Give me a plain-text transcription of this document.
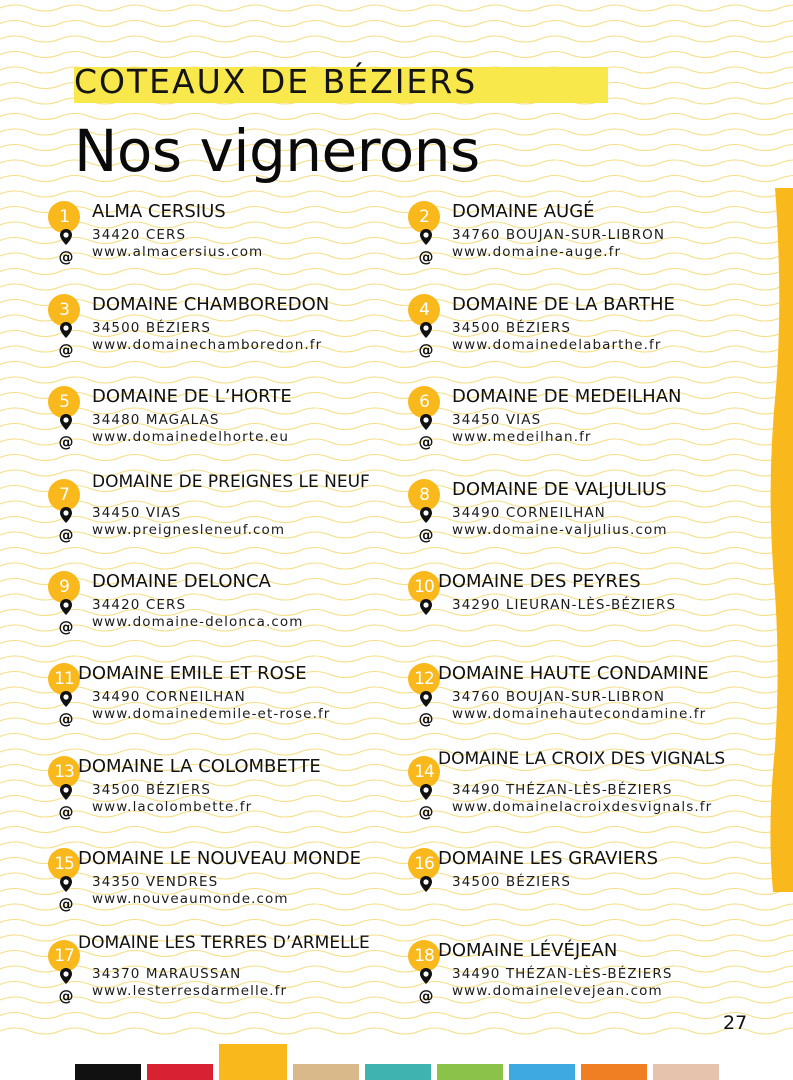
COTEAUX DE BÉZIERS
Nos vignerons
1	ALMA CERSIUS
34420 CERS
@ www.almacersius.com
2	DOMAINE AUGÉ
34760 BOUJAN-SUR-LIBRON
@ www.domaine-auge.fr
3	DOMAINE CHAMBOREDON
34500 BÉZIERS
@ www.domainechamboredon.fr
4	DOMAINE DE LA BARTHE
34500 BÉZIERS
@ www.domainedelabarthe.fr
5	DOMAINE DE L’HORTE
34480 MAGALAS
@ www.domainedelhorte.eu
6	DOMAINE DE MEDEILHAN
34450 VIAS
@ www.medeilhan.fr
7
DOMAINE DE PREIGNES LE NEUF
34450 VIAS
@ www.preignesleneuf.com
8	DOMAINE DE VALJULIUS
34490 CORNEILHAN
@ www.domaine-valjulius.com
9	DOMAINE DELONCA
34420 CERS
@ www.domaine-delonca.com
10 DOMAINE DES PEYRES
34290 LIEURAN-LÈS-BÉZIERS
11 DOMAINE EMILE ET ROSE
34490 CORNEILHAN
@ www.domainedemile-et-rose.fr
12 DOMAINE HAUTE CONDAMINE
34760 BOUJAN-SUR-LIBRON
@ www.domainehautecondamine.fr
13 DOMAINE LA COLOMBETTE
34500 BÉZIERS
@ www.lacolombette.fr
14
DOMAINE LA CROIX DES VIGNALS
34490 THÉZAN-LÈS-BÉZIERS
@ www.domainelacroixdesvignals.fr
15 DOMAINE LE NOUVEAU MONDE
34350 VENDRES
@ www.nouveaumonde.com
16 DOMAINE LES GRAVIERS
34500 BÉZIERS
17
DOMAINE LES TERRES D’ARMELLE
34370 MARAUSSAN
@ www.lesterresdarmelle.fr
18 DOMAINE LÉVÉJEAN
34490 THÉZAN-LÈS-BÉZIERS
@ www.domainelevejean.com
27
